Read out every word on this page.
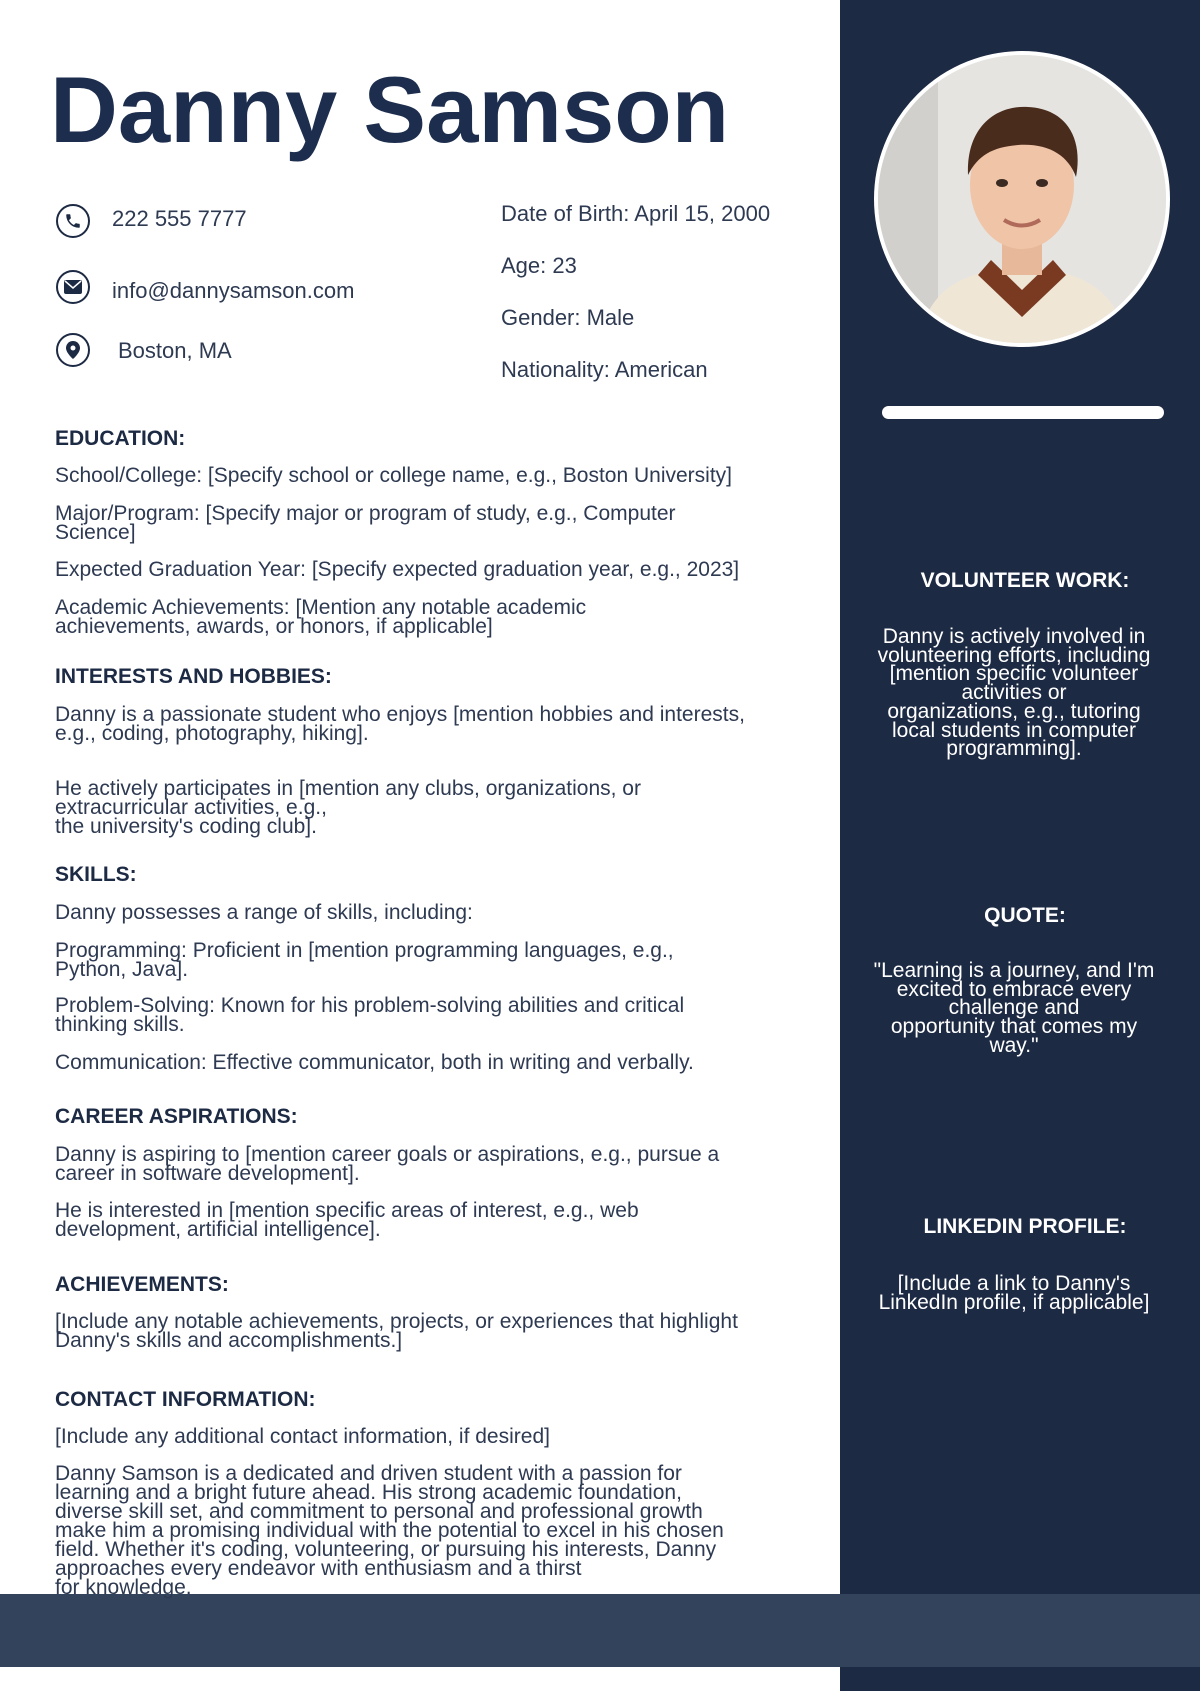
Danny Samson
222 555 7777
info@dannysamson.com
Boston, MA
Date of Birth: April 15, 2000
Age: 23
Gender: Male
Nationality: American
EDUCATION:
School/College: [Specify school or college name, e.g., Boston University]
Major/Program: [Specify major or program of study, e.g., Computer
Science]
Expected Graduation Year: [Specify expected graduation year, e.g., 2023]
Academic Achievements: [Mention any notable academic
achievements, awards, or honors, if applicable]
INTERESTS AND HOBBIES:
Danny is a passionate student who enjoys [mention hobbies and interests,
e.g., coding, photography, hiking].
He actively participates in [mention any clubs, organizations, or
extracurricular activities, e.g.,
the university's coding club].
SKILLS:
Danny possesses a range of skills, including:
Programming: Proficient in [mention programming languages, e.g.,
Python, Java].
Problem-Solving: Known for his problem-solving abilities and critical
thinking skills.
Communication: Effective communicator, both in writing and verbally.
CAREER ASPIRATIONS:
Danny is aspiring to [mention career goals or aspirations, e.g., pursue a
career in software development].
He is interested in [mention specific areas of interest, e.g., web
development, artificial intelligence].
ACHIEVEMENTS:
[Include any notable achievements, projects, or experiences that highlight
Danny's skills and accomplishments.]
CONTACT INFORMATION:
[Include any additional contact information, if desired]
Danny Samson is a dedicated and driven student with a passion for
learning and a bright future ahead. His strong academic foundation,
diverse skill set, and commitment to personal and professional growth
make him a promising individual with the potential to excel in his chosen
field. Whether it's coding, volunteering, or pursuing his interests, Danny
approaches every endeavor with enthusiasm and a thirst
for knowledge.
VOLUNTEER WORK:
Danny is actively involved in
volunteering efforts, including
[mention specific volunteer
activities or
organizations, e.g., tutoring
local students in computer
programming].
QUOTE:
"Learning is a journey, and I'm
excited to embrace every
challenge and
opportunity that comes my
way."
LINKEDIN PROFILE:
[Include a link to Danny's
LinkedIn profile, if applicable]
